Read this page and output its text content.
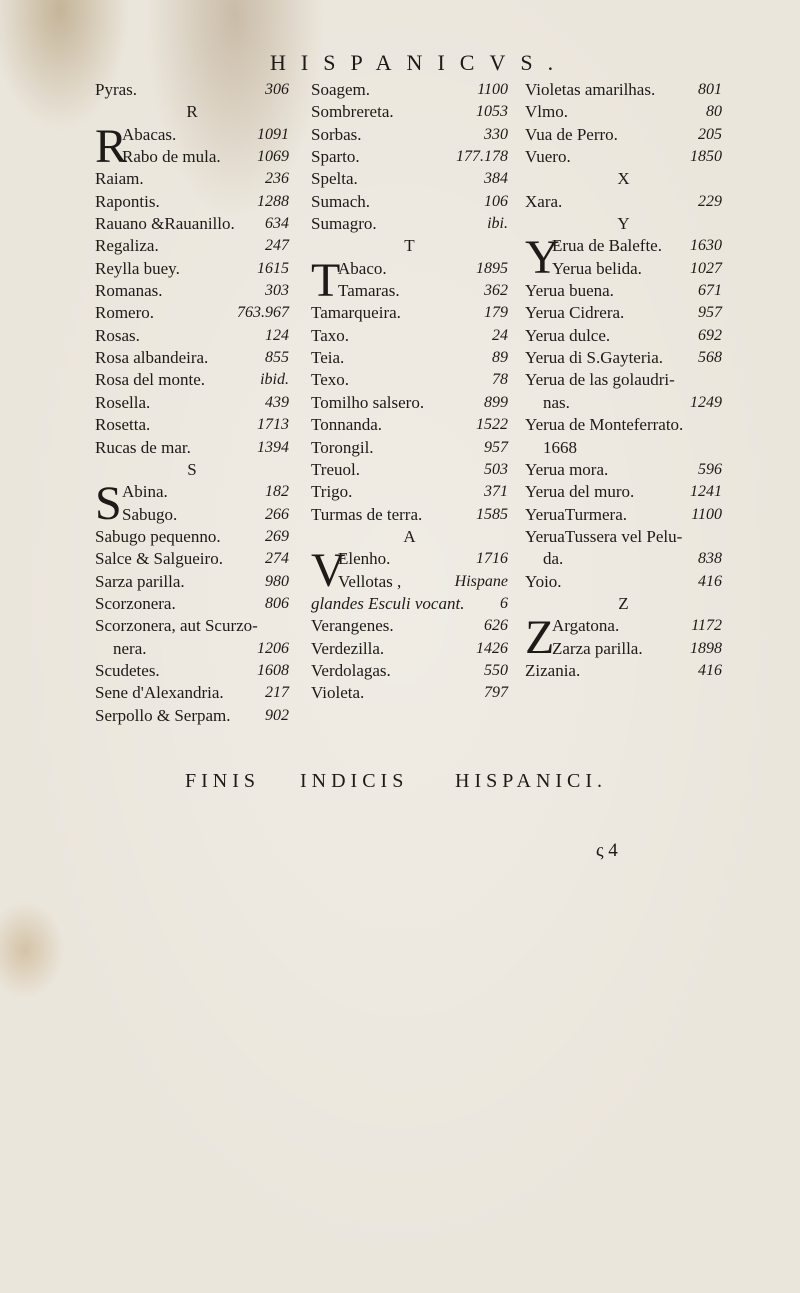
HISPANICVS.
Pyras.	306
R
R
Abacas.	1091
Rabo de mula. 1069
Raiam.	236
Rapontis.	1288
Rauano &Rauanillo. 634
Regaliza.	247
Reylla buey.	1615
Romanas.	303
Romero.	763.967
Rosas.	124
Rosa albandeira.	855
Rosa del monte.	ibid.
Rosella.	439
Rosetta.	1713
Rucas de mar.	1394
S
S Abina.	182
Sabugo.	266
Sabugo pequenno.	269
Salce & Salgueiro.	274
Sarza parilla.	980
Scorzonera.	806
Scorzonera, aut Scurzo-
nera.	1206
Scudetes.	1608
Sene d'Alexandria.	217
Serpollo & Serpam. 902
Soagem.	1100
Sombrereta.	1053
Sorbas.	330
Sparto.	177.178
Spelta.	384
Sumach.	106
Sumagro.	ibi.
T
T
Abaco.	1895
Tamaras.	362
Tamarqueira.	179
Taxo.	24
Teia.	89
Texo.	78
Tomilho salsero.	899
Tonnanda.	1522
Torongil.	957
Treuol.	503
Trigo.	371
Turmas de terra.	1585
A
V
Elenho.	1716
Vellotas ,	Hispane
glandes Esculi vocant. 6
Verangenes.	626
Verdezilla.	1426
Verdolagas.	550
Violeta.	797
Violetas amarilhas.	801
Vlmo.	80
Vua de Perro.	205
Vuero.	1850
X
Xara.	229
Y
Y
Erua de Balefte. 1630
Yerua belida.	1027
Yerua buena.	671
Yerua Cidrera.	957
Yerua dulce.	692
Yerua di S.Gayteria. 568
Yerua de las golaudri-
nas.	1249
Yerua de Monteferrato.
1668
Yerua mora.	596
Yerua del muro.	1241
YeruaTurmera.	1100
YeruaTussera vel Pelu-
da.	838
Yoio.	416
Z
Z
Argatona.	1172
Zarza parilla.	1898
Zizania.	416
FINIS INDICIS HISPANICI.
ς 4
